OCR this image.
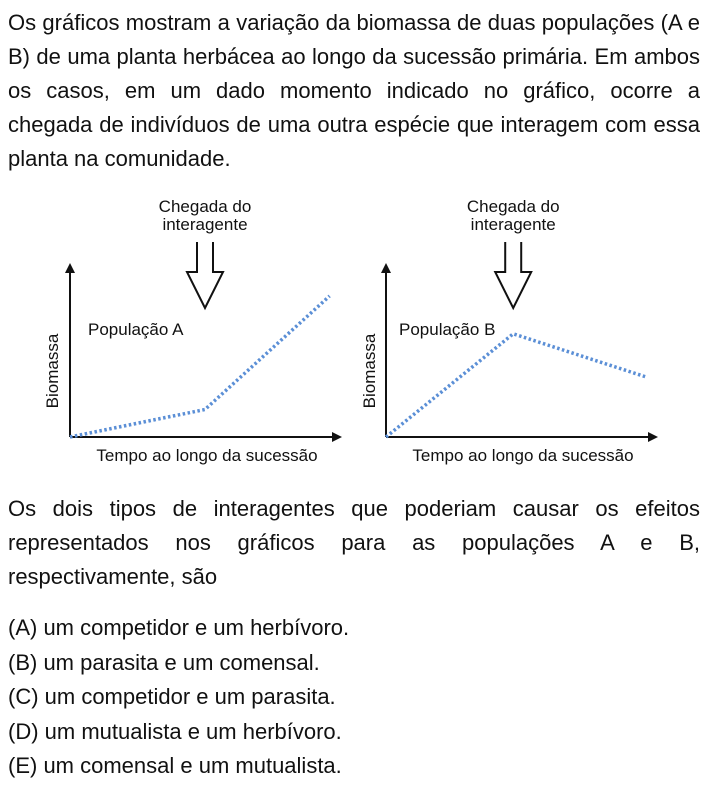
Os gráficos mostram a variação da biomassa de duas populações (A e B) de uma planta herbácea ao longo da sucessão primária. Em ambos os casos, em um dado momento indicado no gráfico, ocorre a chegada de indivíduos de uma outra espécie que interagem com essa planta na comunidade.

Tempo ao longo da sucessão
Biomassa
População A
Chegada do
interagente
Tempo ao longo da sucessão
Biomassa
População B
Chegada do
interagente

Os dois tipos de interagentes que poderiam causar os efeitos representados nos gráficos para as populações A e B, respectivamente, são

(A) um competidor e um herbívoro.
(B) um parasita e um comensal.
(C) um competidor e um parasita.
(D) um mutualista e um herbívoro.
(E) um comensal e um mutualista.
